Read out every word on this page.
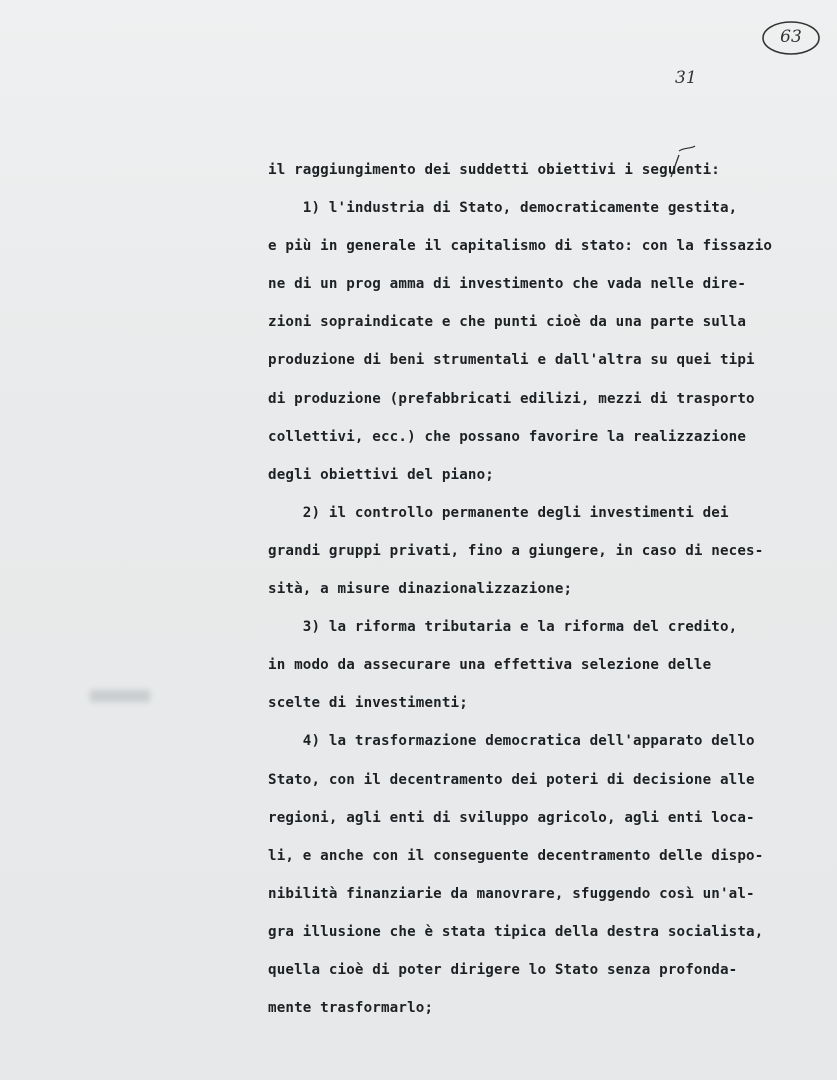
63
31
il raggiungimento dei suddetti obiettivi i seguenti:
1) l'industria di Stato, democraticamente gestita,
e più in generale il capitalismo di stato: con la fissazio
ne di un prog amma di investimento che vada nelle dire-
zioni sopraindicate e che punti cioè da una parte sulla
produzione di beni strumentali e dall'altra su quei tipi
di produzione (prefabbricati edilizi, mezzi di trasporto
collettivi, ecc.) che possano favorire la realizzazione
degli obiettivi del piano;
2) il controllo permanente degli investimenti dei
grandi gruppi privati, fino a giungere, in caso di neces-
sità, a misure dinazionalizzazione;
3) la riforma tributaria e la riforma del credito,
in modo da assecurare una effettiva selezione delle
scelte di investimenti;
4) la trasformazione democratica dell'apparato dello
Stato, con il decentramento dei poteri di decisione alle
regioni, agli enti di sviluppo agricolo, agli enti loca-
li, e anche con il conseguente decentramento delle dispo-
nibilità finanziarie da manovrare, sfuggendo così un'al-
gra illusione che è stata tipica della destra socialista,
quella cioè di poter dirigere lo Stato senza profonda-
mente trasformarlo;
